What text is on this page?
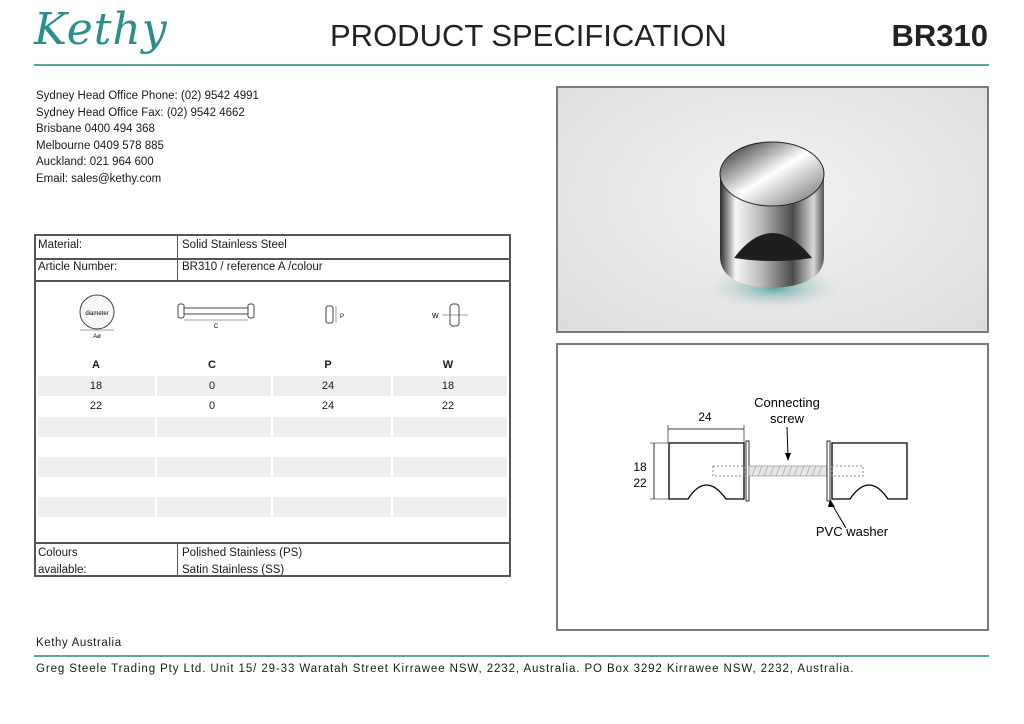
Kethy	PRODUCT SPECIFICATION	BR310
Sydney Head Office Phone: (02) 9542 4991
Sydney Head Office Fax: (02) 9542 4662
Brisbane 0400 494 368
Melbourne 0409 578 885
Auckland: 021 964 600
Email: sales@kethy.com
Material:	Solid Stainless Steel
Article Number:	BR310 / reference A /colour
diameter
Aø
C
P	W
A	C	P	W
18	0	24	18
22	0	24	22
Colours
available:
Polished Stainless (PS)
Satin Stainless (SS)
Connecting
screw
24
18
22
PVC washer
Kethy Australia
Greg Steele Trading Pty Ltd. Unit 15/ 29-33 Waratah Street Kirrawee NSW, 2232, Australia. PO Box 3292 Kirrawee NSW, 2232, Australia.
